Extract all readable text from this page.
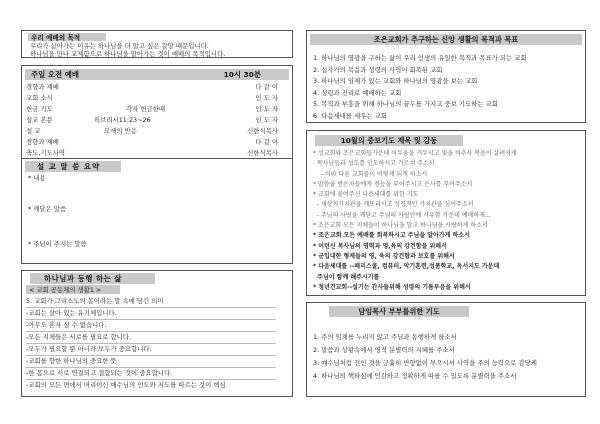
우리 예배의 목적
우리가 살아가는 이유는 하나님을 더 알고 싶은 갈망 때문입니다.
하나님을 만나 교제함으로 하나님을 알아가는 것이 예배의 목적입니다.
주일 오전 예배	10시 30분
경향과 재배	다 같 이
교회 소식	인 도 자
헌금 기도	각자 헌금한때	인 도 자
설교 본문	히브리서11:23~26	인 도 자
설 교	모세의 반응	신한식목사
경향과 재배	다 같 이
축도,기도사역	신한식목사
설 교 말 씀 요약
* 내용
* 깨달은 말씀
* 주님이 주시는 말씀
하나님과 동행 하는 삶
< 교회 공동체의 생활1 >
5. 교회가 그리스도의 몸이라는 말 속에 담긴 의미
-교회는 살아 있는 유기체입니다.
-아무도 혼자 설 수 없습니다.
-모든 지체들은 서로를 필요로 합니다.
-모두가 필요할 뿐 아니라 모두가 중요합니다.
-교회를 향한 하나님의 중요한 뜻
-한 몸으로 서로 연결되고 결합되는 것이 중요합니다.
-교회의 모든 면에서 머리이신 예수님의 인도와 지도를 따르는 것이 핵심
조은교회가 추구하는 신앙 생활의 목적과 목표
1. 하나님의 영광을 구하는 삶이 우리 인생의 유일한 목적과 목표가 되는 교회
2. 십자가의 복음과 성령의 사역이 회복된 교회
3. 하나님의 임재가 있는 교회와 하나님의 영광을 보는 교회
4. 성령과 진리로 예배하는 교회
5. 목적과 부흥을 위해 하나님의 꿈두를 가지고 중보 기도하는 교회
6. 다음세대를 세우는 교회
10월의 중보기도 제목 및 감동
* 성교회와 조은교회들가운데 어두움을 거두시고 빛을 비추사 복음이 살려지게
목사님들과 성도를 인도하시고 가르쳐 주소서
--이라 다른 교회들이 이렇게 되게 하소서
* 말씀을 받은자들에게 전능을 부어주시고 은사를 부어주소서
* 교회에 붙여주신 다음세대를 위한 기도
- 세상적가치관을 깨뜨리시고 성경적인 가치관을 심어주소서
- 주님의 사랑을 깨닫고 주님의 사랑안에 자유함 가운데 예배하게...
* 조은교회 모든 지체들이 하나님을 알고 하나님을 사랑하게 하소서
* 조은교회 모든 예배를 회복하시고 주님을 알아가게 하소서
* 어린신 목사님의 영력과 영,육의 강건함을 위해서
* 군입대한 형제들의 영, 육의 강건함과 보호를 위해서
* 다음세대를 --패리스쿨, 컴퓨터, 악기훈련,성품학교, 독서지도 가운데
주님이 함께 해주시기를
* 청년건교회--설기는 간사들위해 성령의 기름부음을 위해서
담임목사 부부를위한 기도
1. 주의 임재를 누리지 않고 주님과 동행하게 하소서
2. 말씀과 상황속에서 영적 분별력의 지혜를 주소서
3. 예수님처럼 전인 것을 긍휼히 반향없이 부으시셔 사역을 주의 능력으로 감당케
4. 하나님의 핵하심에 민감하고 정확하게 따를 수 있도록 분별력을 주소서
